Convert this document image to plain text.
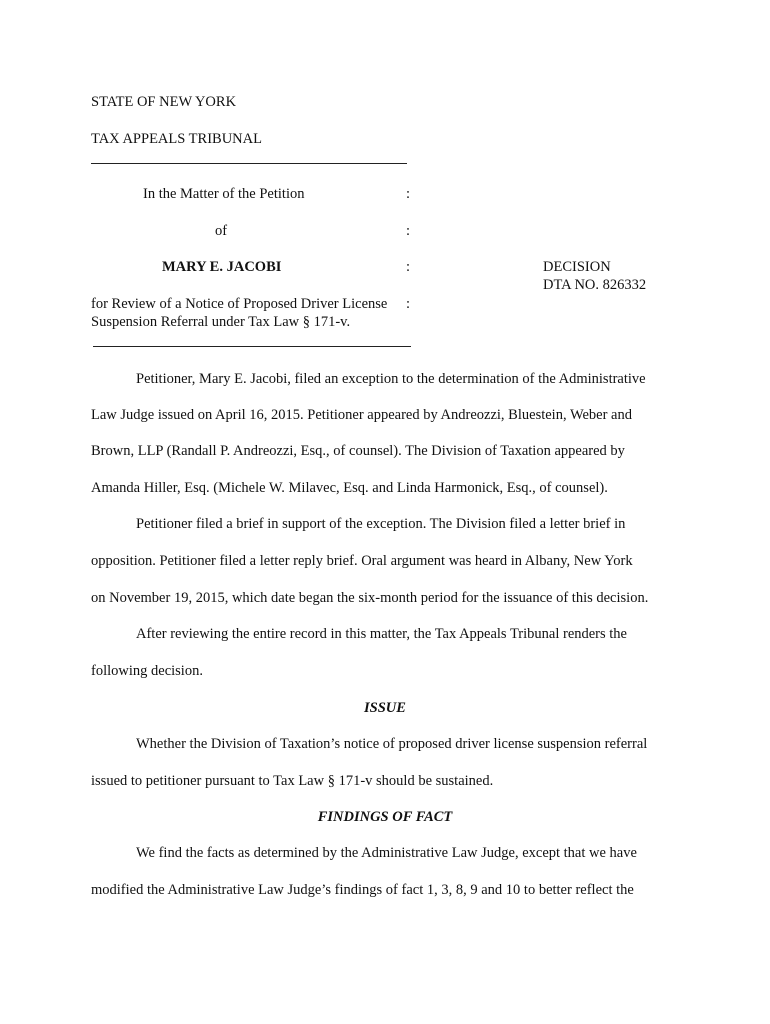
STATE OF NEW YORK
TAX APPEALS TRIBUNAL
In the Matter of the Petition	:
of	:
MARY E. JACOBI	:	DECISION
DTA NO. 826332
for Review of a Notice of Proposed Driver License :
Suspension Referral under Tax Law § 171-v.
Petitioner, Mary E. Jacobi, filed an exception to the determination of the Administrative
Law Judge issued on April 16, 2015. Petitioner appeared by Andreozzi, Bluestein, Weber and
Brown, LLP (Randall P. Andreozzi, Esq., of counsel). The Division of Taxation appeared by
Amanda Hiller, Esq. (Michele W. Milavec, Esq. and Linda Harmonick, Esq., of counsel).
Petitioner filed a brief in support of the exception. The Division filed a letter brief in
opposition. Petitioner filed a letter reply brief. Oral argument was heard in Albany, New York
on November 19, 2015, which date began the six-month period for the issuance of this decision.
After reviewing the entire record in this matter, the Tax Appeals Tribunal renders the
following decision.
ISSUE
Whether the Division of Taxation’s notice of proposed driver license suspension referral
issued to petitioner pursuant to Tax Law § 171-v should be sustained.
FINDINGS OF FACT
We find the facts as determined by the Administrative Law Judge, except that we have
modified the Administrative Law Judge’s findings of fact 1, 3, 8, 9 and 10 to better reflect the
